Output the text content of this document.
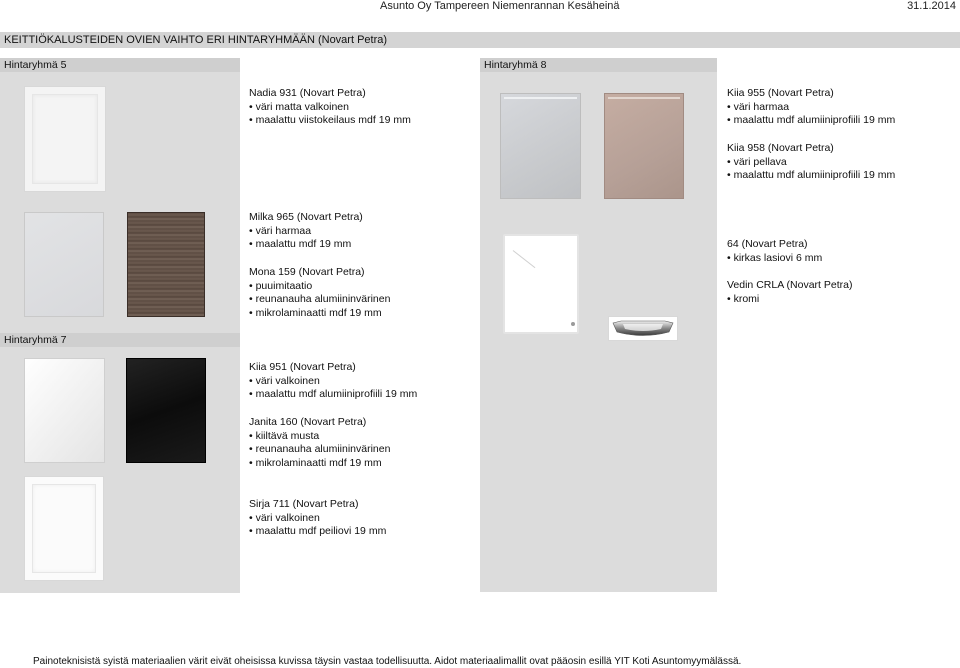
Asunto Oy Tampereen Niemenrannan Kesäheinä	31.1.2014
KEITTIÖKALUSTEIDEN OVIEN VAIHTO ERI HINTARYHMÄÄN (Novart Petra)
Hintaryhmä 5	Hintaryhmä 8
Hintaryhmä 7
Nadia 931 (Novart Petra)
• väri matta valkoinen
• maalattu viistokeilaus mdf 19 mm
Milka 965 (Novart Petra)
• väri harmaa
• maalattu mdf 19 mm
Mona 159 (Novart Petra)
• puuimitaatio
• reunanauha alumiininvärinen
• mikrolaminaatti mdf 19 mm
Kiia 951 (Novart Petra)
• väri valkoinen
• maalattu mdf alumiiniprofiili 19 mm
Janita 160 (Novart Petra)
• kiiltävä musta
• reunanauha alumiininvärinen
• mikrolaminaatti mdf 19 mm
Sirja 711 (Novart Petra)
• väri valkoinen
• maalattu mdf peiliovi 19 mm
Kiia 955 (Novart Petra)
• väri harmaa
• maalattu mdf alumiiniprofiili 19 mm
Kiia 958 (Novart Petra)
• väri pellava
• maalattu mdf alumiiniprofiili 19 mm
64 (Novart Petra)
• kirkas lasiovi 6 mm
Vedin CRLA (Novart Petra)
• kromi
Painoteknisistä syistä materiaalien värit eivät oheisissa kuvissa täysin vastaa todellisuutta. Aidot materiaalimallit ovat pääosin esillä YIT Koti Asuntomyymälässä.
